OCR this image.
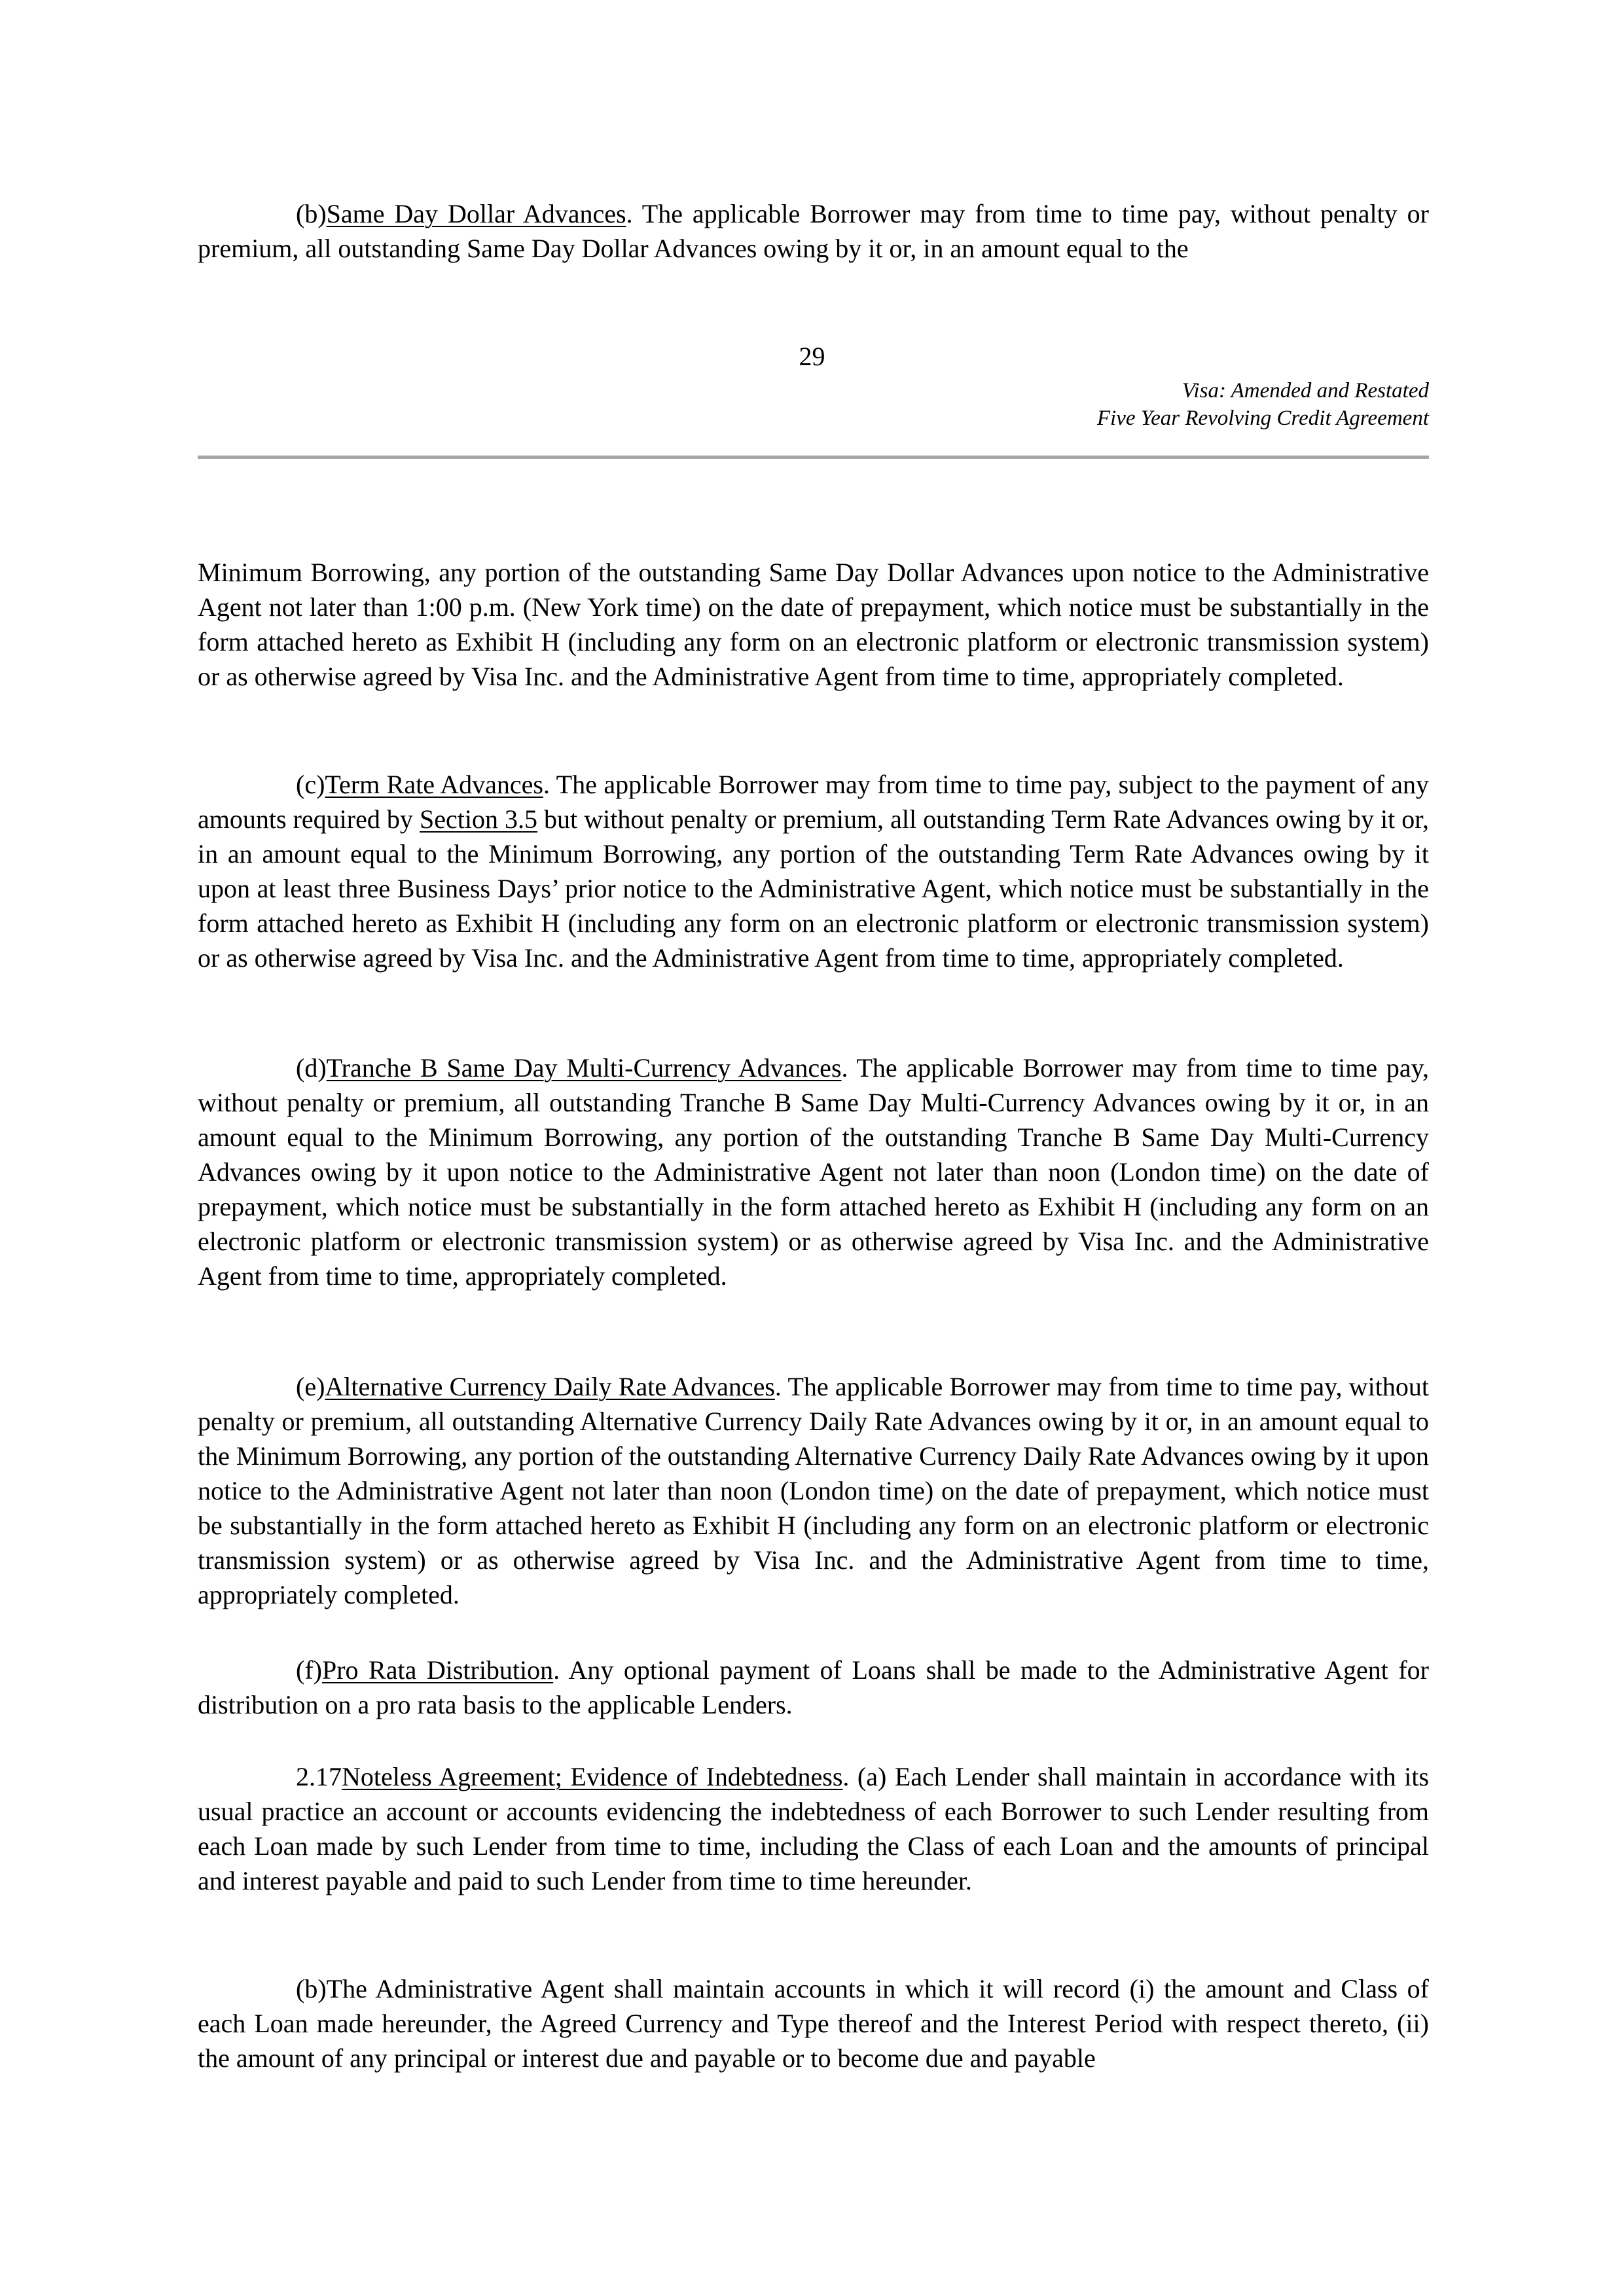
(b)Same Day Dollar Advances. The applicable Borrower may from time to time pay, without penalty or premium, all outstanding Same Day Dollar Advances owing by it or, in an amount equal to the

29
Visa: Amended and Restated
Five Year Revolving Credit Agreement

Minimum Borrowing, any portion of the outstanding Same Day Dollar Advances upon notice to the Administrative Agent not later than 1:00 p.m. (New York time) on the date of prepayment, which notice must be substantially in the form attached hereto as Exhibit H (including any form on an electronic platform or electronic transmission system) or as otherwise agreed by Visa Inc. and the Administrative Agent from time to time, appropriately completed.

(c)Term Rate Advances. The applicable Borrower may from time to time pay, subject to the payment of any amounts required by Section 3.5 but without penalty or premium, all outstanding Term Rate Advances owing by it or, in an amount equal to the Minimum Borrowing, any portion of the outstanding Term Rate Advances owing by it upon at least three Business Days’ prior notice to the Administrative Agent, which notice must be substantially in the form attached hereto as Exhibit H (including any form on an electronic platform or electronic transmission system) or as otherwise agreed by Visa Inc. and the Administrative Agent from time to time, appropriately completed.

(d)Tranche B Same Day Multi-Currency Advances. The applicable Borrower may from time to time pay, without penalty or premium, all outstanding Tranche B Same Day Multi-Currency Advances owing by it or, in an amount equal to the Minimum Borrowing, any portion of the outstanding Tranche B Same Day Multi-Currency Advances owing by it upon notice to the Administrative Agent not later than noon (London time) on the date of prepayment, which notice must be substantially in the form attached hereto as Exhibit H (including any form on an electronic platform or electronic transmission system) or as otherwise agreed by Visa Inc. and the Administrative Agent from time to time, appropriately completed.

(e)Alternative Currency Daily Rate Advances. The applicable Borrower may from time to time pay, without penalty or premium, all outstanding Alternative Currency Daily Rate Advances owing by it or, in an amount equal to the Minimum Borrowing, any portion of the outstanding Alternative Currency Daily Rate Advances owing by it upon notice to the Administrative Agent not later than noon (London time) on the date of prepayment, which notice must be substantially in the form attached hereto as Exhibit H (including any form on an electronic platform or electronic transmission system) or as otherwise agreed by Visa Inc. and the Administrative Agent from time to time, appropriately completed.

(f)Pro Rata Distribution. Any optional payment of Loans shall be made to the Administrative Agent for distribution on a pro rata basis to the applicable Lenders.

2.17Noteless Agreement; Evidence of Indebtedness. (a) Each Lender shall maintain in accordance with its usual practice an account or accounts evidencing the indebtedness of each Borrower to such Lender resulting from each Loan made by such Lender from time to time, including the Class of each Loan and the amounts of principal and interest payable and paid to such Lender from time to time hereunder.

(b)The Administrative Agent shall maintain accounts in which it will record (i) the amount and Class of each Loan made hereunder, the Agreed Currency and Type thereof and the Interest Period with respect thereto, (ii) the amount of any principal or interest due and payable or to become due and payable
